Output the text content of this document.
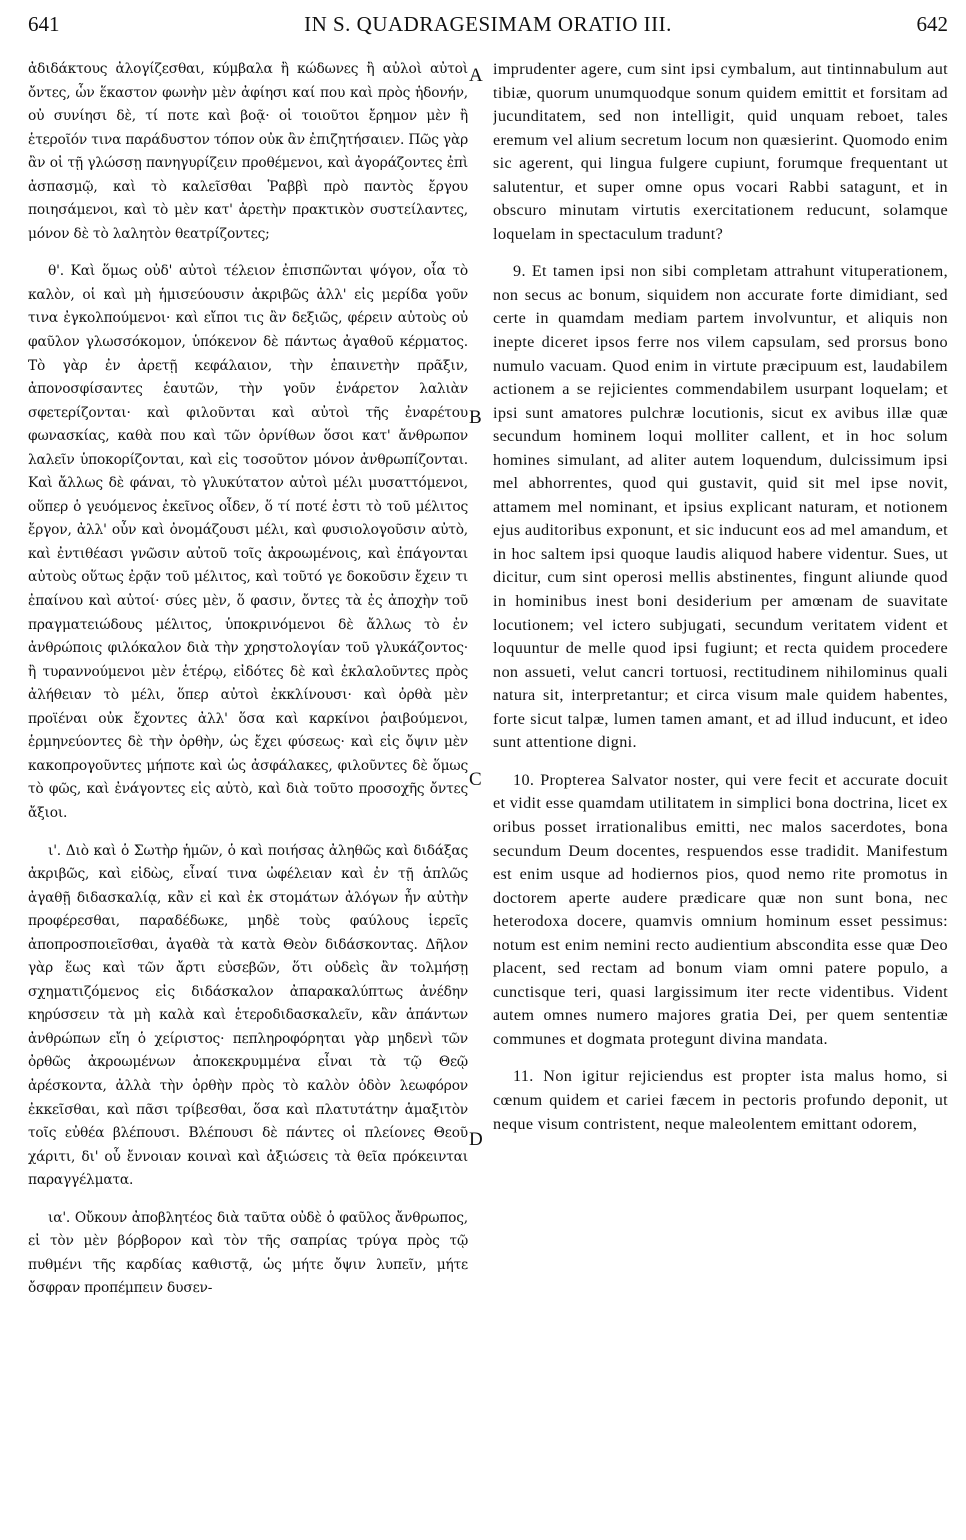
641	IN S. QUADRAGESIMAM ORATIO III.	642

ἀδιδάκτους ἀλογίζεσθαι, κύμβαλα ἢ κώδωνες ἢ αὐλοὶ αὐτοὶ ὄντες, ὧν ἕκαστον φωνὴν μὲν ἀφίησι καί που καὶ πρὸς ἡδονήν, οὐ συνίησι δὲ, τί ποτε καὶ βοᾷ· οἱ τοιοῦτοι ἔρημον μὲν ἢ ἑτεροῖόν τινα παράδυστον τόπον οὐκ ἂν ἐπιζητήσαιεν. Πῶς γὰρ ἂν οἱ τῇ γλώσσῃ πανηγυρίζειν προθέμενοι, καὶ ἀγοράζοντες ἐπὶ ἀσπασμῷ, καὶ τὸ καλεῖσθαι Ῥαββὶ πρὸ παντὸς ἔργου ποιησάμενοι, καὶ τὸ μὲν κατ' ἀρετὴν πρακτικὸν συστείλαντες, μόνον δὲ τὸ λαλητὸν θεατρίζοντες;

θ'. Καὶ ὅμως οὐδ' αὐτοὶ τέλειον ἐπισπῶνται ψόγον, οἷα τὸ καλὸν, οἱ καὶ μὴ ἡμισεύουσιν ἀκριβῶς ἀλλ' εἰς μερίδα γοῦν τινα ἐγκολπούμενοι· καὶ εἴποι τις ἂν δεξιῶς, φέρειν αὐτοὺς οὐ φαῦλον γλωσσόκομον, ὑπόκενον δὲ πάντως ἀγαθοῦ κέρματος. Τὸ γὰρ ἐν ἀρετῇ κεφάλαιον, τὴν ἐπαινετὴν πρᾶξιν, ἀπονοσφίσαντες ἑαυτῶν, τὴν γοῦν ἐνάρετον λαλιὰν σφετερίζονται· καὶ φιλοῦνται καὶ αὐτοὶ τῆς ἐναρέτου φωνασκίας, καθὰ που καὶ τῶν ὀρνίθων ὅσοι κατ' ἄνθρωπον λαλεῖν ὑποκορίζονται, καὶ εἰς τοσοῦτον μόνον ἀνθρωπίζονται. Καὶ ἄλλως δὲ φάναι, τὸ γλυκύτατον αὐτοὶ μέλι μυσαττόμενοι, οὕπερ ὁ γευόμενος ἐκεῖνος οἶδεν, ὅ τί ποτέ ἐστι τὸ τοῦ μέλιτος ἔργον, ἀλλ' οὖν καὶ ὀνομάζουσι μέλι, καὶ φυσιολογοῦσιν αὐτὸ, καὶ ἐντιθέασι γνῶσιν αὐτοῦ τοῖς ἀκροωμένοις, καὶ ἐπάγονται αὐτοὺς οὕτως ἐρᾷν τοῦ μέλιτος, καὶ τοῦτό γε δοκοῦσιν ἔχειν τι ἐπαίνου καὶ αὐτοί· σύες μὲν, ὅ φασιν, ὄντες τὰ ἐς ἀποχὴν τοῦ πραγματειώδους μέλιτος, ὑποκρινόμενοι δὲ ἄλλως τὸ ἐν ἀνθρώποις φιλόκαλον διὰ τὴν χρηστολογίαν τοῦ γλυκάζοντος· ἢ τυραννούμενοι μὲν ἑτέρῳ, εἰδότες δὲ καὶ ἐκλαλοῦντες πρὸς ἀλήθειαν τὸ μέλι, ὅπερ αὐτοὶ ἐκκλίνουσι· καὶ ὀρθὰ μὲν προϊέναι οὐκ ἔχοντες ἀλλ' ὅσα καὶ καρκίνοι ῥαιβούμενοι, ἑρμηνεύοντες δὲ τὴν ὀρθὴν, ὡς ἔχει φύσεως· καὶ εἰς ὄψιν μὲν κακοπρογοῦντες μήποτε καὶ ὡς ἀσφάλακες, φιλοῦντες δὲ ὅμως τὸ φῶς, καὶ ἐνάγοντες εἰς αὐτὸ, καὶ διὰ τοῦτο προσοχῆς ὄντες ἄξιοι.

ι'. Διὸ καὶ ὁ Σωτὴρ ἡμῶν, ὁ καὶ ποιήσας ἀληθῶς καὶ διδάξας ἀκριβῶς, καὶ εἰδὼς, εἶναί τινα ὠφέλειαν καὶ ἐν τῇ ἁπλῶς ἀγαθῇ διδασκαλίᾳ, κἂν εἰ καὶ ἐκ στομάτων ἀλόγων ἦν αὐτὴν προφέρεσθαι, παραδέδωκε, μηδὲ τοὺς φαύλους ἱερεῖς ἀποπροσποιεῖσθαι, ἀγαθὰ τὰ κατὰ Θεὸν διδάσκοντας. Δῆλον γὰρ ἕως καὶ τῶν ἄρτι εὐσεβῶν, ὅτι οὐδεὶς ἂν τολμήσῃ σχηματιζόμενος εἰς διδάσκαλον ἀπαρακαλύπτως ἀνέδην κηρύσσειν τὰ μὴ καλὰ καὶ ἑτεροδιδασκαλεῖν, κἂν ἁπάντων ἀνθρώπων εἴη ὁ χείριστος· πεπληροφόρηται γὰρ μηδενὶ τῶν ὀρθῶς ἀκροωμένων ἀποκεκρυμμένα εἶναι τὰ τῷ Θεῷ ἀρέσκοντα, ἀλλὰ τὴν ὀρθὴν πρὸς τὸ καλὸν ὁδὸν λεωφόρον ἐκκεῖσθαι, καὶ πᾶσι τρίβεσθαι, ὅσα καὶ πλατυτάτην ἁμαξιτὸν τοῖς εὐθέα βλέπουσι. Βλέπουσι δὲ πάντες οἱ πλείονες Θεοῦ χάριτι, δι' οὗ ἔννοιαν κοιναὶ καὶ ἀξιώσεις τὰ θεῖα πρόκεινται παραγγέλματα.

ια'. Οὔκουν ἀποβλητέος διὰ ταῦτα οὐδὲ ὁ φαῦλος ἄνθρωπος, εἰ τὸν μὲν βόρβορον καὶ τὸν τῆς σαπρίας τρύγα πρὸς τῷ πυθμένι τῆς καρδίας καθιστᾷ, ὡς μήτε ὄψιν λυπεῖν, μήτε ὄσφραν προπέμπειν δυσεν-

A
B
C
D

imprudenter agere, cum sint ipsi cymbalum, aut tintinnabulum aut tibiæ, quorum unumquodque sonum quidem emittit et forsitam ad jucunditatem, sed non intelligit, quid unquam reboet, tales eremum vel alium secretum locum non quæsierint. Quomodo enim sic agerent, qui lingua fulgere cupiunt, forumque frequentant ut salutentur, et super omne opus vocari Rabbi satagunt, et in obscuro minutam virtutis exercitationem reducunt, solamque loquelam in spectaculum tradunt?

9. Et tamen ipsi non sibi completam attrahunt vituperationem, non secus ac bonum, siquidem non accurate forte dimidiant, sed certe in quamdam mediam partem involvuntur, et aliquis non inepte diceret ipsos ferre nos vilem capsulam, sed prorsus bono numulo vacuam. Quod enim in virtute præcipuum est, laudabilem actionem a se rejicientes commendabilem usurpant loquelam; et ipsi sunt amatores pulchræ locutionis, sicut ex avibus illæ quæ secundum hominem loqui molliter callent, et in hoc solum homines simulant, ad aliter autem loquendum, dulcissimum ipsi mel abhorrentes, quod qui gustavit, quid sit mel ipse novit, attamem mel nominant, et ipsius explicant naturam, et notionem ejus auditoribus exponunt, et sic inducunt eos ad mel amandum, et in hoc saltem ipsi quoque laudis aliquod habere videntur. Sues, ut dicitur, cum sint operosi mellis abstinentes, fingunt aliunde quod in hominibus inest boni desiderium per amœnam de suavitate locutionem; vel ictero subjugati, secundum veritatem vident et loquuntur de melle quod ipsi fugiunt; et recta quidem procedere non assueti, velut cancri tortuosi, rectitudinem nihilominus quali natura sit, interpretantur; et circa visum male quidem habentes, forte sicut talpæ, lumen tamen amant, et ad illud inducunt, et ideo sunt attentione digni.

10. Propterea Salvator noster, qui vere fecit et accurate docuit et vidit esse quamdam utilitatem in simplici bona doctrina, licet ex oribus posset irrationalibus emitti, nec malos sacerdotes, bona secundum Deum docentes, respuendos esse tradidit. Manifestum est enim usque ad hodiernos pios, quod nemo rite promotus in doctorem aperte audere prædicare quæ non sunt bona, nec heterodoxa docere, quamvis omnium hominum esset pessimus: notum est enim nemini recto audientium abscondita esse quæ Deo placent, sed rectam ad bonum viam omni patere populo, a cunctisque teri, quasi largissimum iter recte videntibus. Vident autem omnes numero majores gratia Dei, per quem sententiæ communes et dogmata protegunt divina mandata.

11. Non igitur rejiciendus est propter ista malus homo, si cœnum quidem et cariei fæcem in pectoris profundo deponit, ut neque visum contristent, neque maleolentem emittant odorem,
